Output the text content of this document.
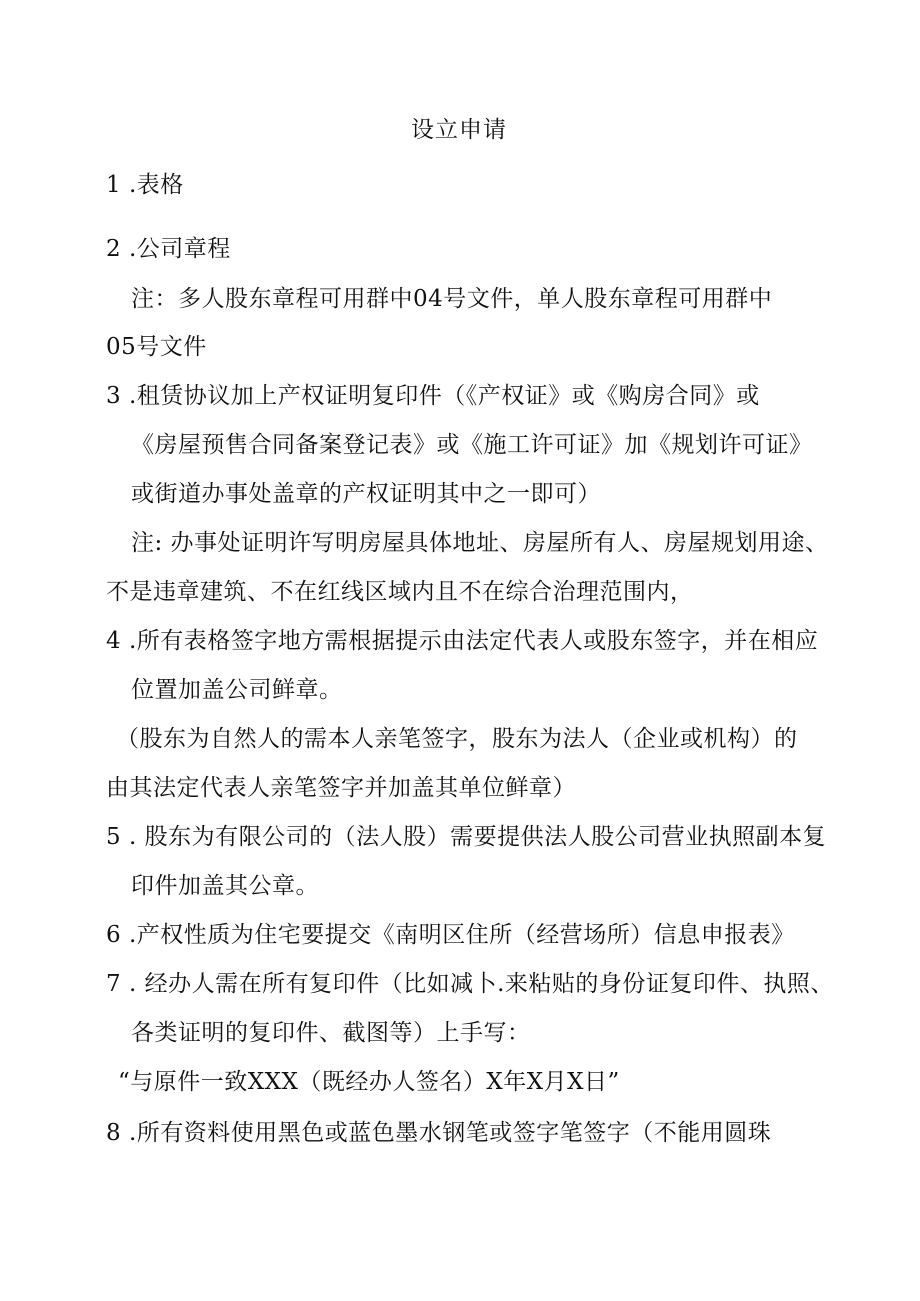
设立申请
1 .表格
2 .公司章程
注：多人股东章程可用群中04号文件，单人股东章程可用群中
05号文件
3 .租赁协议加上产权证明复印件（《产权证》或《购房合同》或
《房屋预售合同备案登记表》或《施工许可证》加《规划许可证》
或街道办事处盖章的产权证明其中之一即可）
注: 办事处证明许写明房屋具体地址、房屋所有人、房屋规划用途、
不是违章建筑、不在红线区域内且不在综合治理范围内，
4 .所有表格签字地方需根据提示由法定代表人或股东签字，并在相应
位置加盖公司鲜章。
（股东为自然人的需本人亲笔签字，股东为法人（企业或机构）的
由其法定代表人亲笔签字并加盖其单位鲜章）
5 . 股东为有限公司的（法人股）需要提供法人股公司营业执照副本复
印件加盖其公章。
6 .产权性质为住宅要提交《南明区住所（经营场所）信息申报表》
7 . 经办人需在所有复印件（比如减卜.来粘贴的身份证复印件、执照、
各类证明的复印件、截图等）上手写：
“与原件一致XXX（既经办人签名）X年X月X日”
8 .所有资料使用黑色或蓝色墨水钢笔或签字笔签字（不能用圆珠
